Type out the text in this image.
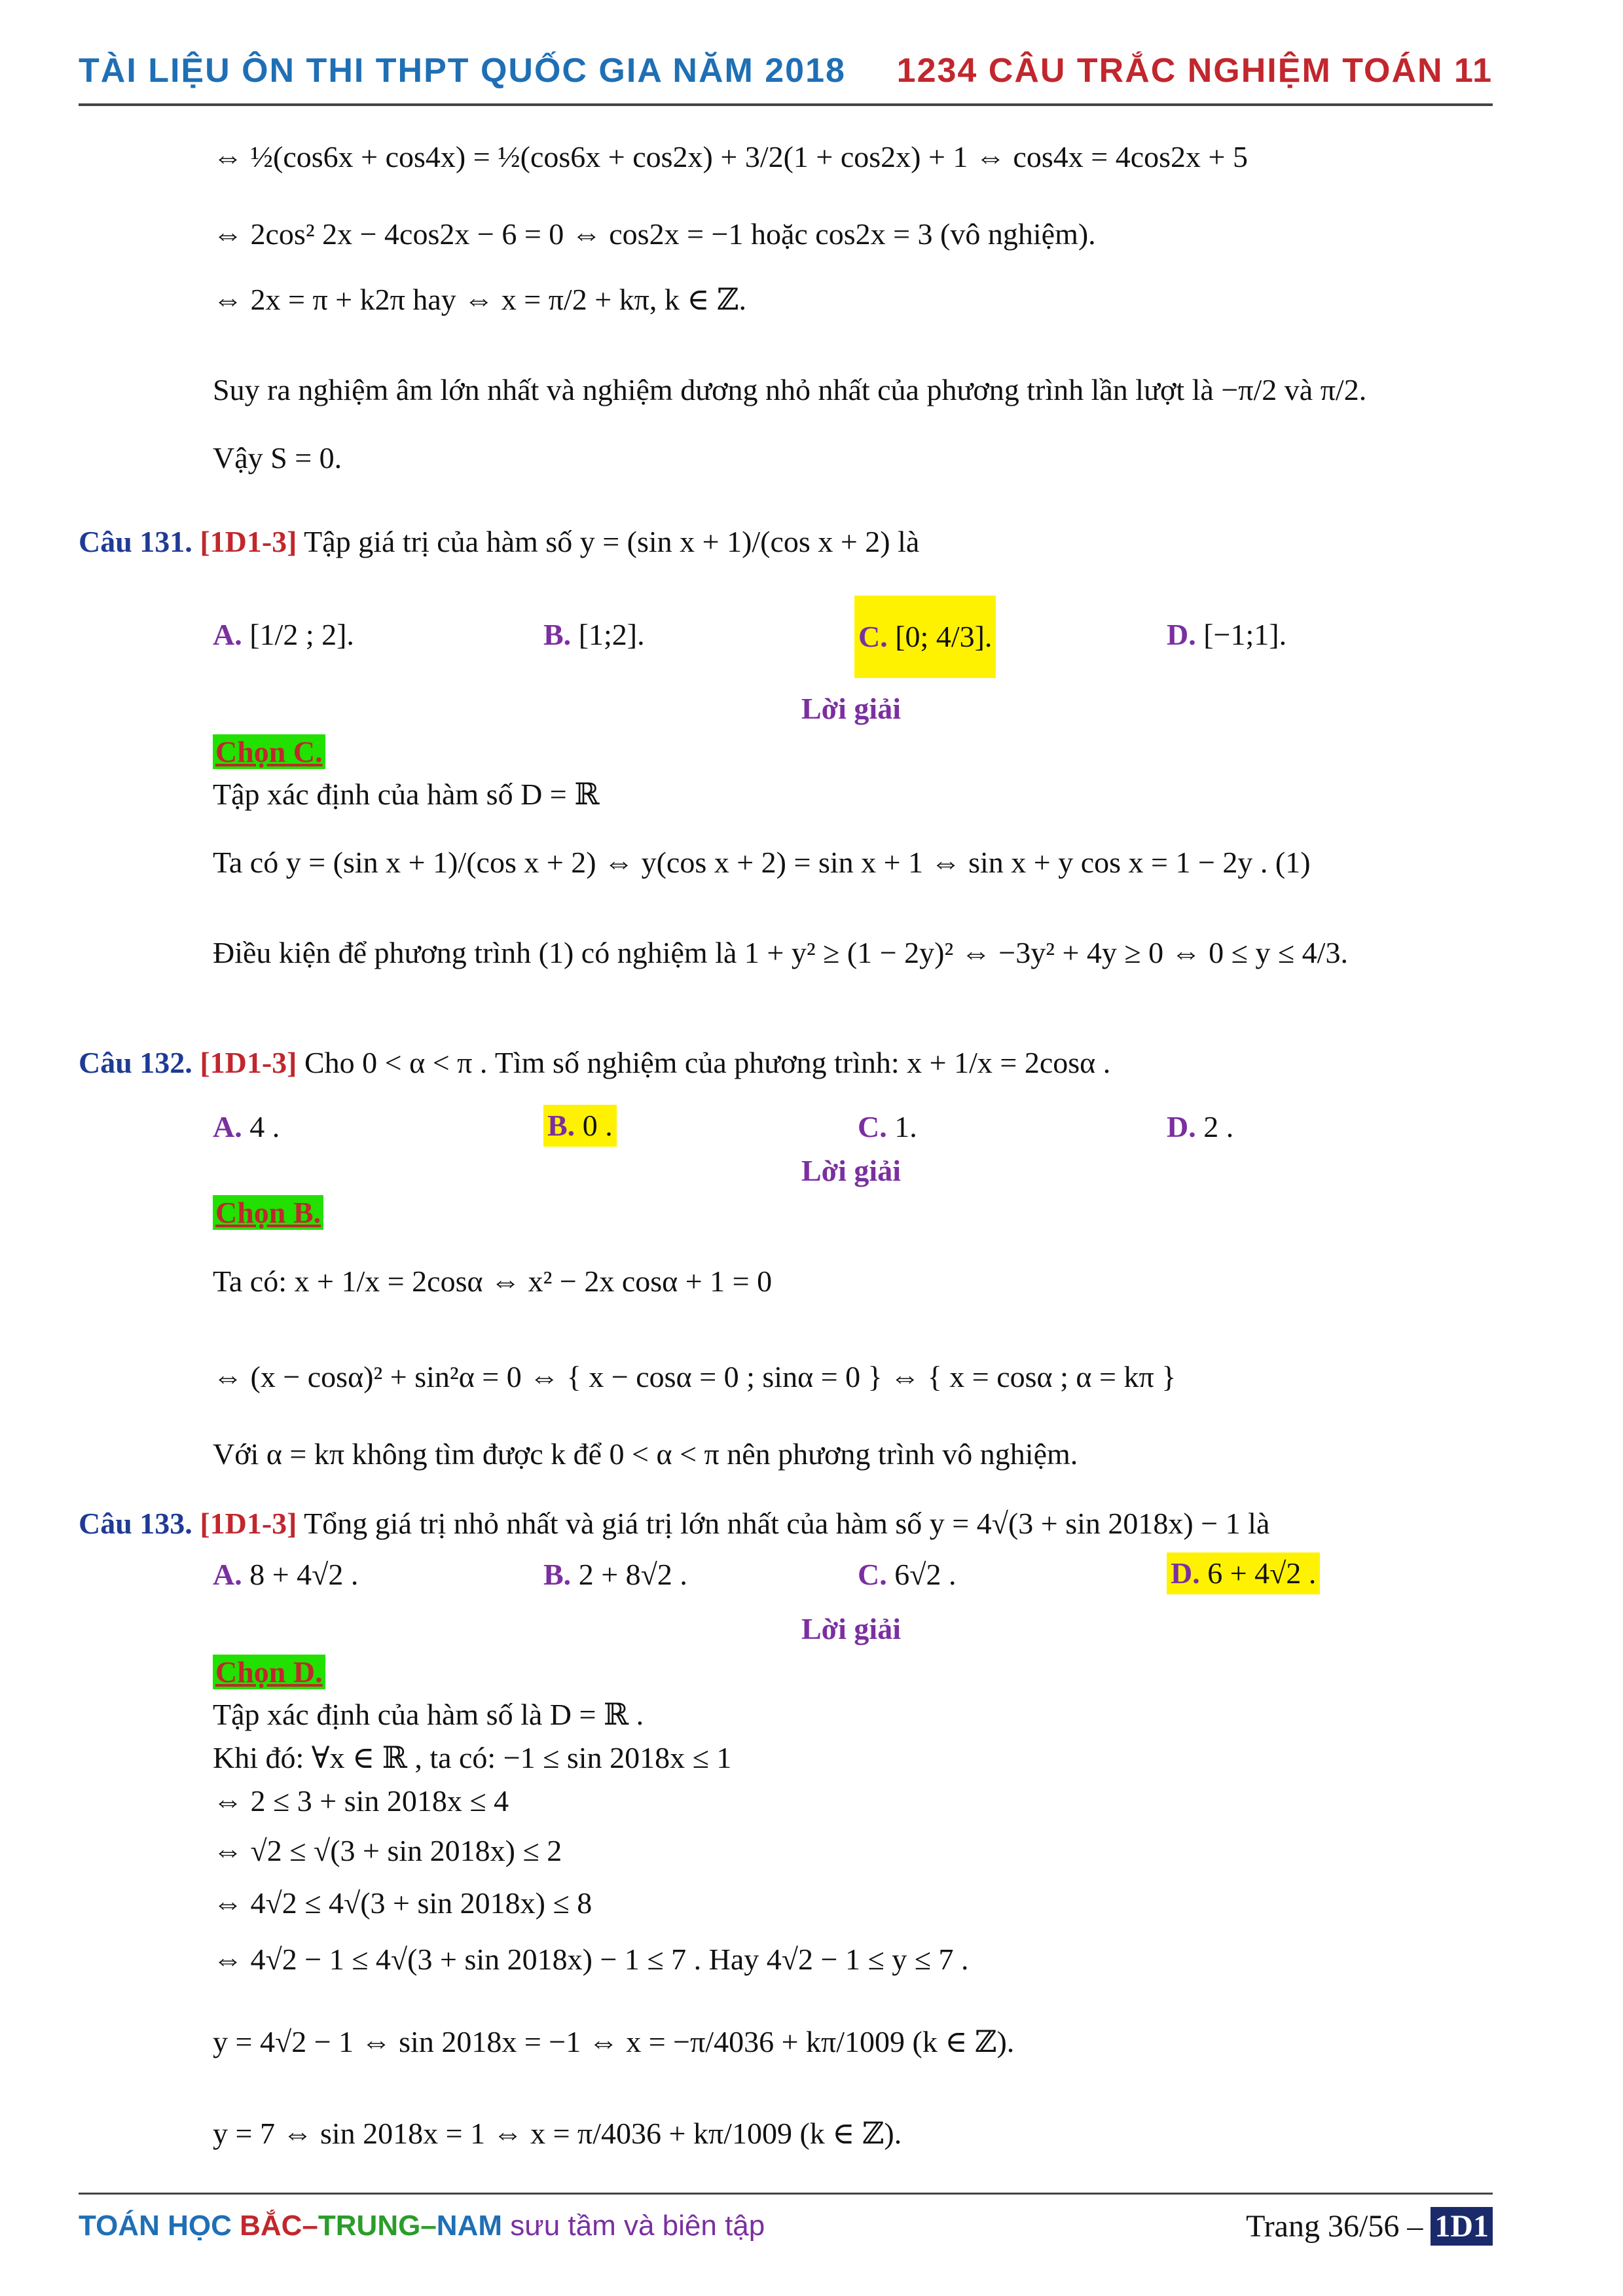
TÀI LIỆU ÔN THI THPT QUỐC GIA NĂM 2018 1234 CÂU TRẮC NGHIỆM TOÁN 11
⇔ ½(cos6x + cos4x) = ½(cos6x + cos2x) + 3/2(1 + cos2x) + 1 ⇔ cos4x = 4cos2x + 5
⇔ 2cos² 2x − 4cos2x − 6 = 0 ⇔ cos2x = −1 hoặc cos2x = 3 (vô nghiệm).
⇔ 2x = π + k2π hay ⇔ x = π/2 + kπ, k ∈ ℤ.
Suy ra nghiệm âm lớn nhất và nghiệm dương nhỏ nhất của phương trình lần lượt là −π/2 và π/2.
Vậy S = 0.
Câu 131. [1D1-3] Tập giá trị của hàm số y = (sin x + 1)/(cos x + 2) là
A. [1/2 ; 2].	B. [1;2].	C. [0; 4/3].	D. [−1;1].
Lời giải
Chọn C.
Tập xác định của hàm số D = ℝ
Ta có y = (sin x + 1)/(cos x + 2) ⇔ y(cos x + 2) = sin x + 1 ⇔ sin x + y cos x = 1 − 2y . (1)
Điều kiện để phương trình (1) có nghiệm là 1 + y² ≥ (1 − 2y)² ⇔ −3y² + 4y ≥ 0 ⇔ 0 ≤ y ≤ 4/3.
Câu 132. [1D1-3] Cho 0 < α < π . Tìm số nghiệm của phương trình: x + 1/x = 2cosα .
A. 4 .	B. 0 .	C. 1.	D. 2 .
Lời giải
Chọn B.
Ta có: x + 1/x = 2cosα ⇔ x² − 2x cosα + 1 = 0
⇔ (x − cosα)² + sin²α = 0 ⇔ { x − cosα = 0 ; sinα = 0 } ⇔ { x = cosα ; α = kπ }
Với α = kπ không tìm được k để 0 < α < π nên phương trình vô nghiệm.
Câu 133. [1D1-3] Tổng giá trị nhỏ nhất và giá trị lớn nhất của hàm số y = 4√(3 + sin 2018x) − 1 là
A. 8 + 4√2 .	B. 2 + 8√2 .	C. 6√2 .	D. 6 + 4√2 .
Lời giải
Chọn D.
Tập xác định của hàm số là D = ℝ .
Khi đó: ∀x ∈ ℝ , ta có: −1 ≤ sin 2018x ≤ 1
⇔ 2 ≤ 3 + sin 2018x ≤ 4
⇔ √2 ≤ √(3 + sin 2018x) ≤ 2
⇔ 4√2 ≤ 4√(3 + sin 2018x) ≤ 8
⇔ 4√2 − 1 ≤ 4√(3 + sin 2018x) − 1 ≤ 7 . Hay 4√2 − 1 ≤ y ≤ 7 .
y = 4√2 − 1 ⇔ sin 2018x = −1 ⇔ x = −π/4036 + kπ/1009 (k ∈ ℤ).
y = 7 ⇔ sin 2018x = 1 ⇔ x = π/4036 + kπ/1009 (k ∈ ℤ).
TOÁN HỌC BẮC–TRUNG–NAM sưu tầm và biên tập	Trang 36/56 – 1D1
